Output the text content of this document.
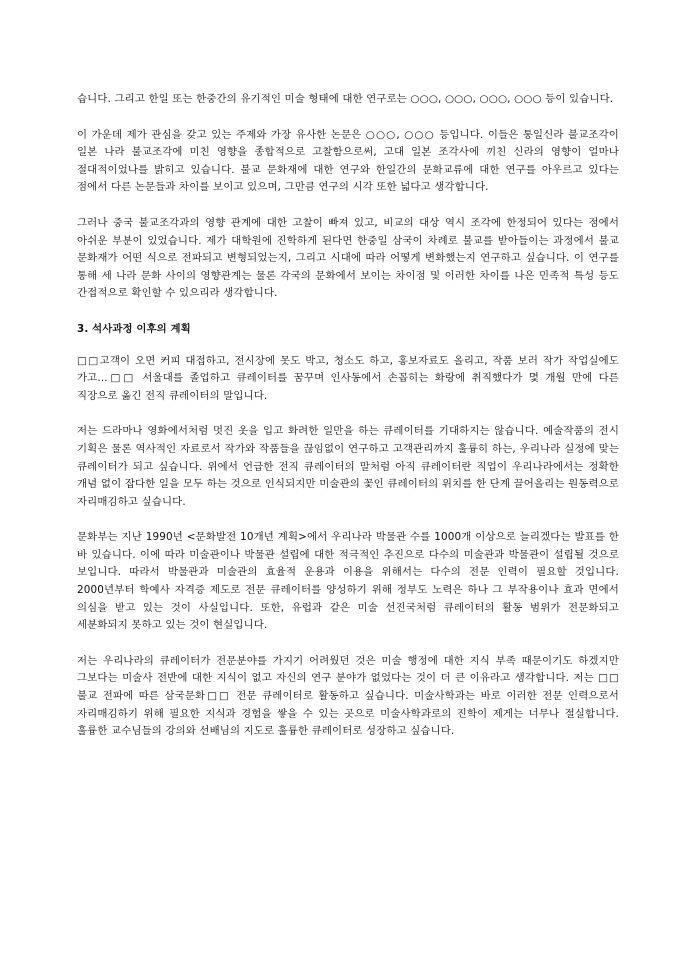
습니다. 그리고 한일 또는 한중간의 유기적인 미술 형태에 대한 연구로는 ○○○, ○○○, ○○○, ○○○ 등이 있습니다.

이 가운데 제가 관심을 갖고 있는 주제와 가장 유사한 논문은 ○○○, ○○○ 등입니다. 이들은 통일신라 불교조각이 일본 나라 불교조각에 미친 영향을 종합적으로 고찰함으로써, 고대 일본 조각사에 끼친 신라의 영향이 얼마나 절대적이었나를 밝히고 있습니다. 불교 문화재에 대한 연구와 한일간의 문화교류에 대한 연구를 아우르고 있다는 점에서 다른 논문들과 차이를 보이고 있으며, 그만큼 연구의 시각 또한 넓다고 생각합니다.

그러나 중국 불교조각과의 영향 관계에 대한 고찰이 빠져 있고, 비교의 대상 역시 조각에 한정되어 있다는 점에서 아쉬운 부분이 있었습니다. 제가 대학원에 진학하게 된다면 한중일 삼국이 차례로 불교를 받아들이는 과정에서 불교 문화재가 어떤 식으로 전파되고 변형되었는지, 그리고 시대에 따라 어떻게 변화했는지 연구하고 싶습니다. 이 연구를 통해 세 나라 문화 사이의 영향관계는 물론 각국의 문화에서 보이는 차이점 및 이러한 차이를 나은 민족적 특성 등도 간접적으로 확인할 수 있으리라 생각합니다.

3. 석사과정 이후의 계획

□□고객이 오면 커피 대접하고, 전시장에 못도 박고, 청소도 하고, 홍보자료도 올리고, 작품 보러 작가 작업실에도 가고...□□ 서울대를 졸업하고 큐레이터를 꿈꾸며 인사동에서 손꼽히는 화랑에 취직했다가 몇 개월 만에 다른 직장으로 옮긴 전직 큐레이터의 말입니다.

저는 드라마나 영화에서처럼 멋진 옷을 입고 화려한 일만을 하는 큐레이터를 기대하지는 않습니다. 예술작품의 전시 기획은 물론 역사적인 자료로서 작가와 작품들을 끊임없이 연구하고 고객관리까지 훌륭히 하는, 우리나라 실정에 맞는 큐레이터가 되고 싶습니다. 위에서 언급한 전직 큐레이터의 말처럼 아직 큐레이터란 직업이 우리나라에서는 정확한 개념 없이 잡다한 일을 모두 하는 것으로 인식되지만 미술관의 꽃인 큐레이터의 위치를 한 단계 끌어올리는 원동력으로 자리매김하고 싶습니다.

문화부는 지난 1990년 <문화발전 10개년 계획>에서 우리나라 박물관 수를 1000개 이상으로 늘리겠다는 발표를 한 바 있습니다. 이에 따라 미술관이나 박물관 설립에 대한 적극적인 추진으로 다수의 미술관과 박물관이 설립될 것으로 보입니다. 따라서 박물관과 미술관의 효율적 운용과 이용을 위해서는 다수의 전문 인력이 필요할 것입니다. 2000년부터 학예사 자격증 제도로 전문 큐레이터를 양성하기 위해 정부도 노력은 하나 그 부작용이나 효과 면에서 의심을 받고 있는 것이 사실입니다. 또한, 유럽과 같은 미술 선진국처럼 큐레이터의 활동 범위가 전문화되고 세분화되지 못하고 있는 것이 현실입니다.

저는 우리나라의 큐레이터가 전문분야를 가지기 어려웠던 것은 미술 행정에 대한 지식 부족 때문이기도 하겠지만 그보다는 미술사 전반에 대한 지식이 없고 자신의 연구 분야가 없었다는 것이 더 큰 이유라고 생각합니다. 저는 □□불교 전파에 따른 삼국문화□□ 전문 큐레이터로 활동하고 싶습니다. 미술사학과는 바로 이러한 전문 인력으로서 자리매김하기 위해 필요한 지식과 경험을 쌓을 수 있는 곳으로 미술사학과로의 진학이 제게는 너무나 절실합니다. 훌륭한 교수님들의 강의와 선배님의 지도로 훌륭한 큐레이터로 성장하고 싶습니다.
